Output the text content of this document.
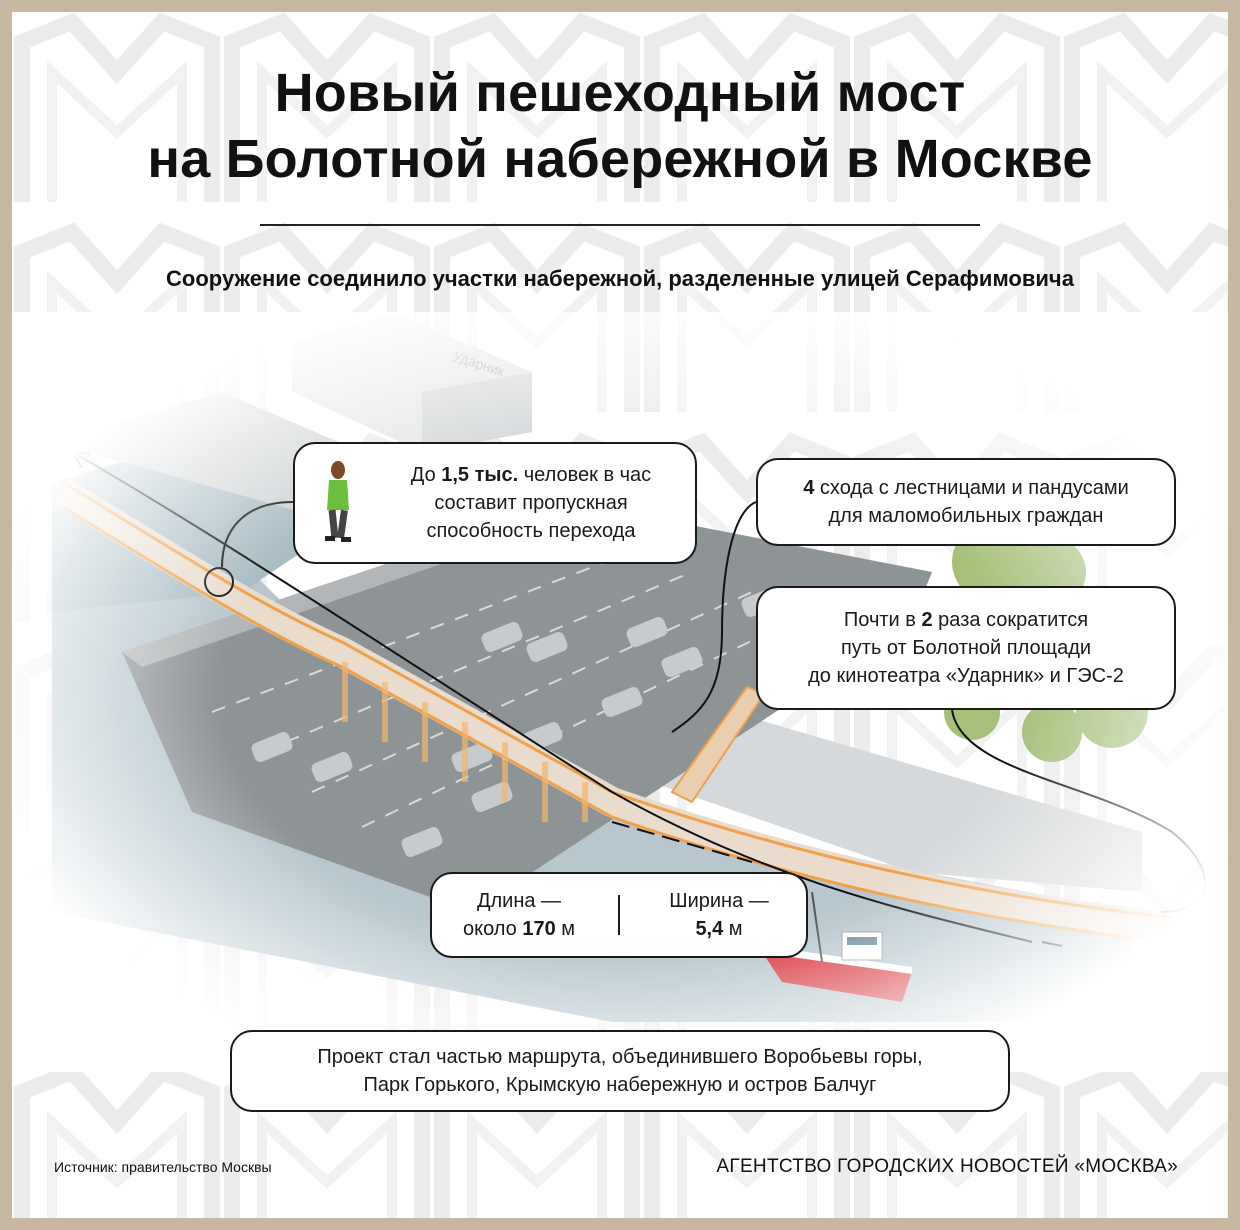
Новый пешеходный мост
на Болотной набережной в Москве
Сооружение соединило участки набережной, разделенные улицей Серафимовича
До 1,5 тыс. человек в час
составит пропускная
способность перехода
4 схода с лестницами и пандусами
для маломобильных граждан
Почти в 2 раза сократится
путь от Болотной площади
до кинотеатра «Ударник» и ГЭС-2
Длина —
около 170 м
Ширина —
5,4 м
Проект стал частью маршрута, объединившего Воробьевы горы,
Парк Горького, Крымскую набережную и остров Балчуг
Источник: правительство Москвы	АГЕНТСТВО ГОРОДСКИХ НОВОСТЕЙ «МОСКВА»
